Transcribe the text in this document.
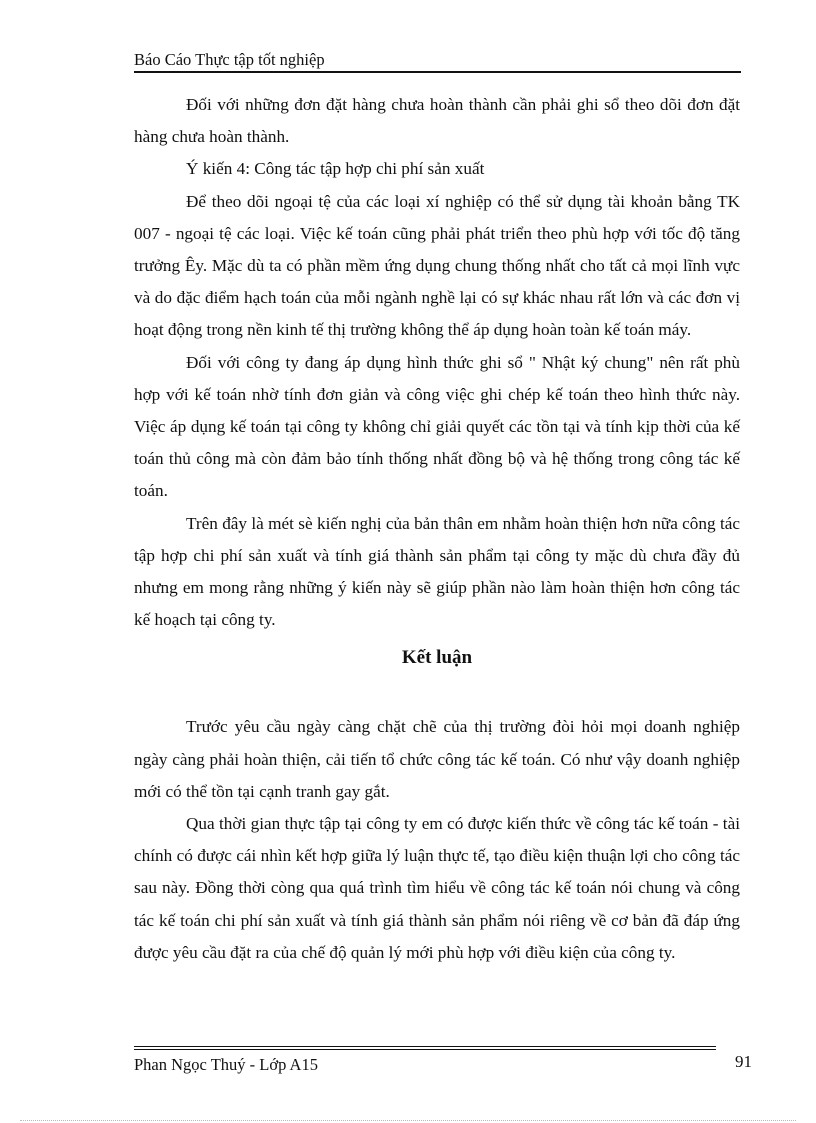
Báo Cáo Thực tập tốt nghiệp

Đối với những đơn đặt hàng chưa hoàn thành cần phải ghi sổ theo dõi đơn đặt hàng chưa hoàn thành.

Ý kiến 4: Công tác tập hợp chi phí sản xuất

Để theo dõi ngoại tệ của các loại xí nghiệp có thể sử dụng tài khoản bằng TK 007 - ngoại tệ các loại. Việc kế toán cũng phải phát triển theo phù hợp với tốc độ tăng trưởng Êy. Mặc dù ta có phần mềm ứng dụng chung thống nhất cho tất cả mọi lĩnh vực và do đặc điểm hạch toán của mỗi ngành nghề lại có sự khác nhau rất lớn và các đơn vị hoạt động trong nền kinh tế thị trường không thể áp dụng hoàn toàn kế toán máy.

Đối với công ty đang áp dụng hình thức ghi sổ " Nhật ký chung" nên rất phù hợp với kế toán nhờ tính đơn giản và công việc ghi chép kế toán theo hình thức này. Việc áp dụng kế toán tại công ty không chỉ giải quyết các tồn tại và tính kịp thời của kế toán thủ công mà còn đảm bảo tính thống nhất đồng bộ và hệ thống trong công tác kế toán.

Trên đây là mét sè kiến nghị của bản thân em nhằm hoàn thiện hơn nữa công tác tập hợp chi phí sản xuất và tính giá thành sản phẩm tại công ty mặc dù chưa đầy đủ nhưng em mong rằng những ý kiến này sẽ giúp phần nào làm hoàn thiện hơn công tác kế hoạch tại công ty.

Kết luận

Trước yêu cầu ngày càng chặt chẽ của thị trường đòi hỏi mọi doanh nghiệp ngày càng phải hoàn thiện, cải tiến tổ chức công tác kế toán. Có như vậy doanh nghiệp mới có thể tồn tại cạnh tranh gay gắt.

Qua thời gian thực tập tại công ty em có được kiến thức về công tác kế toán - tài chính có được cái nhìn kết hợp giữa lý luận thực tế, tạo điều kiện thuận lợi cho công tác sau này. Đồng thời còng qua quá trình tìm hiểu về công tác kế toán nói chung và công tác kế toán chi phí sản xuất và tính giá thành sản phẩm nói riêng về cơ bản đã đáp ứng được yêu cầu đặt ra của chế độ quản lý mới phù hợp với điều kiện của công ty.

Phan Ngọc Thuý - Lớp A15	91
